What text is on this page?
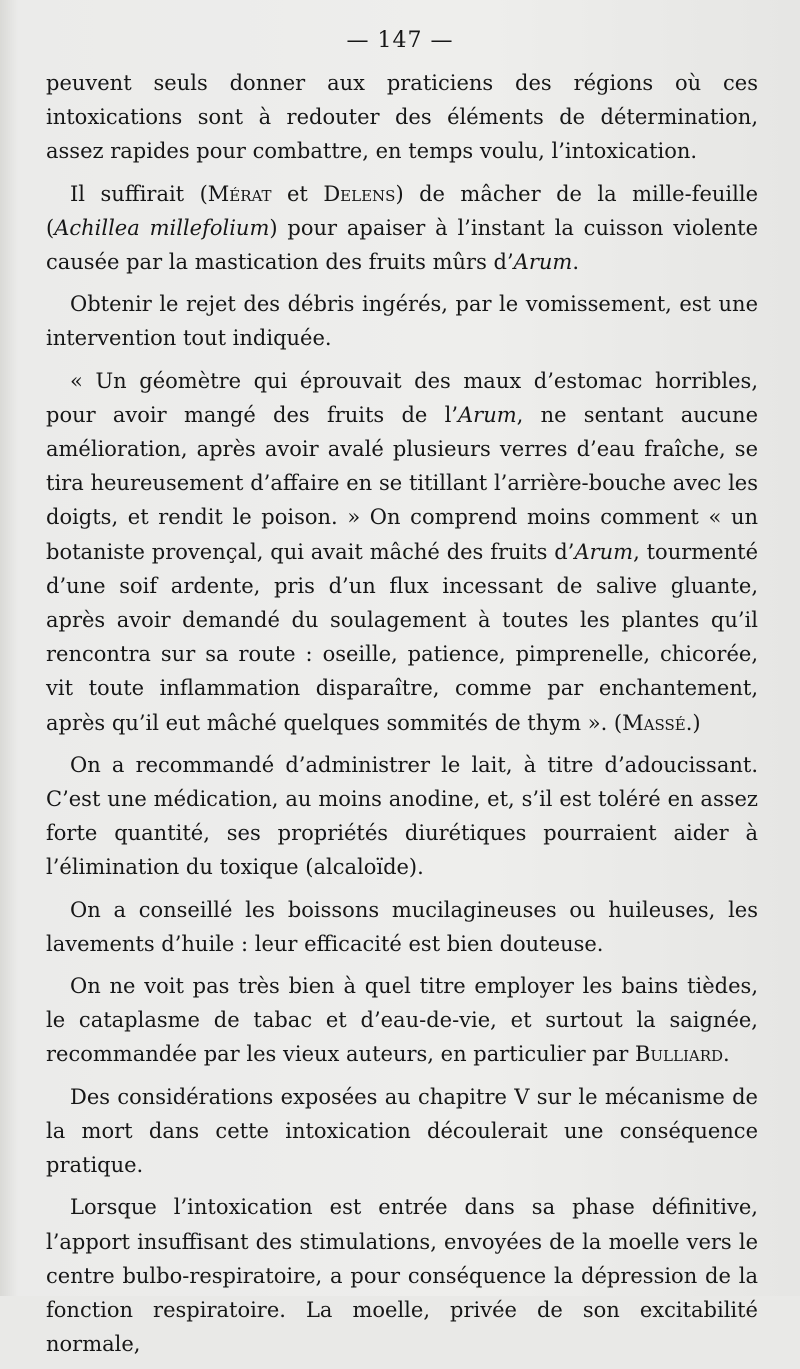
— 147 —

peuvent seuls donner aux praticiens des régions où ces intoxications sont à redouter des éléments de détermination, assez rapides pour combattre, en temps voulu, l’intoxication.

Il suffirait (Mérat et Delens) de mâcher de la mille-feuille (Achillea millefolium) pour apaiser à l’instant la cuisson violente causée par la mastication des fruits mûrs d’Arum.

Obtenir le rejet des débris ingérés, par le vomissement, est une intervention tout indiquée.

« Un géomètre qui éprouvait des maux d’estomac horribles, pour avoir mangé des fruits de l’Arum, ne sentant aucune amélioration, après avoir avalé plusieurs verres d’eau fraîche, se tira heureusement d’affaire en se titillant l’arrière-bouche avec les doigts, et rendit le poison. » On comprend moins comment « un botaniste provençal, qui avait mâché des fruits d’Arum, tourmenté d’une soif ardente, pris d’un flux incessant de salive gluante, après avoir demandé du soulagement à toutes les plantes qu’il rencontra sur sa route : oseille, patience, pimprenelle, chicorée, vit toute inflammation disparaître, comme par enchantement, après qu’il eut mâché quelques sommités de thym ». (Massé.)

On a recommandé d’administrer le lait, à titre d’adoucissant. C’est une médication, au moins anodine, et, s’il est toléré en assez forte quantité, ses propriétés diurétiques pourraient aider à l’élimination du toxique (alcaloïde).

On a conseillé les boissons mucilagineuses ou huileuses, les lavements d’huile : leur efficacité est bien douteuse.

On ne voit pas très bien à quel titre employer les bains tièdes, le cataplasme de tabac et d’eau-de-vie, et surtout la saignée, recommandée par les vieux auteurs, en particulier par Bulliard.

Des considérations exposées au chapitre V sur le mécanisme de la mort dans cette intoxication découlerait une conséquence pratique.

Lorsque l’intoxication est entrée dans sa phase définitive, l’apport insuffisant des stimulations, envoyées de la moelle vers le centre bulbo-respiratoire, a pour conséquence la dépression de la fonction respiratoire. La moelle, privée de son excitabilité normale,
